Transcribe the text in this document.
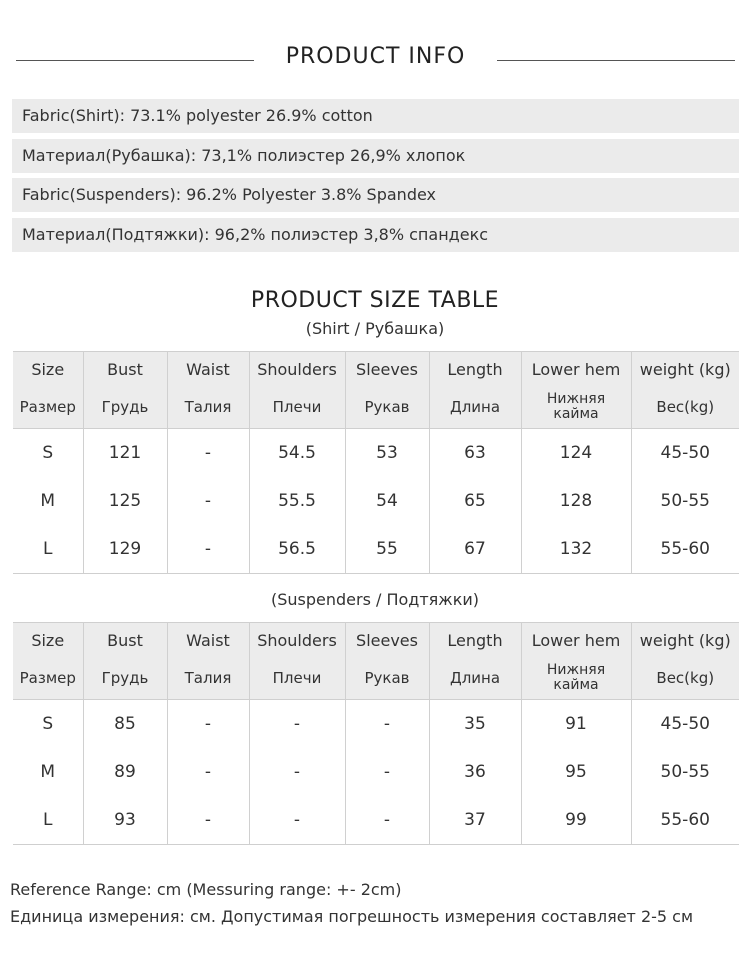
PRODUCT INFO
Fabric(Shirt): 73.1% polyester 26.9% cotton
Материал(Рубашка): 73,1% полиэстер 26,9% хлопок
Fabric(Suspenders): 96.2% Polyester 3.8% Spandex
Материал(Подтяжки): 96,2% полиэстер 3,8% спандекс
PRODUCT SIZE TABLE
(Shirt / Рубашка)
Size	Bust	Waist	Shoulders	Sleeves	Length	Lower hem	weight (kg)
Размер	Грудь	Талия	Плечи	Рукав	Длина	Нижняя кайма	Вес(kg)
S	121	-	54.5	53	63	124	45-50
M	125	-	55.5	54	65	128	50-55
L	129	-	56.5	55	67	132	55-60
(Suspenders / Подтяжки)
Size	Bust	Waist	Shoulders	Sleeves	Length	Lower hem	weight (kg)
Размер	Грудь	Талия	Плечи	Рукав	Длина	Нижняя кайма	Вес(kg)
S	85	-	-	-	35	91	45-50
M	89	-	-	-	36	95	50-55
L	93	-	-	-	37	99	55-60
Reference Range: cm (Messuring range: +- 2cm)
Единица измерения: см. Допустимая погрешность измерения составляет 2-5 см
